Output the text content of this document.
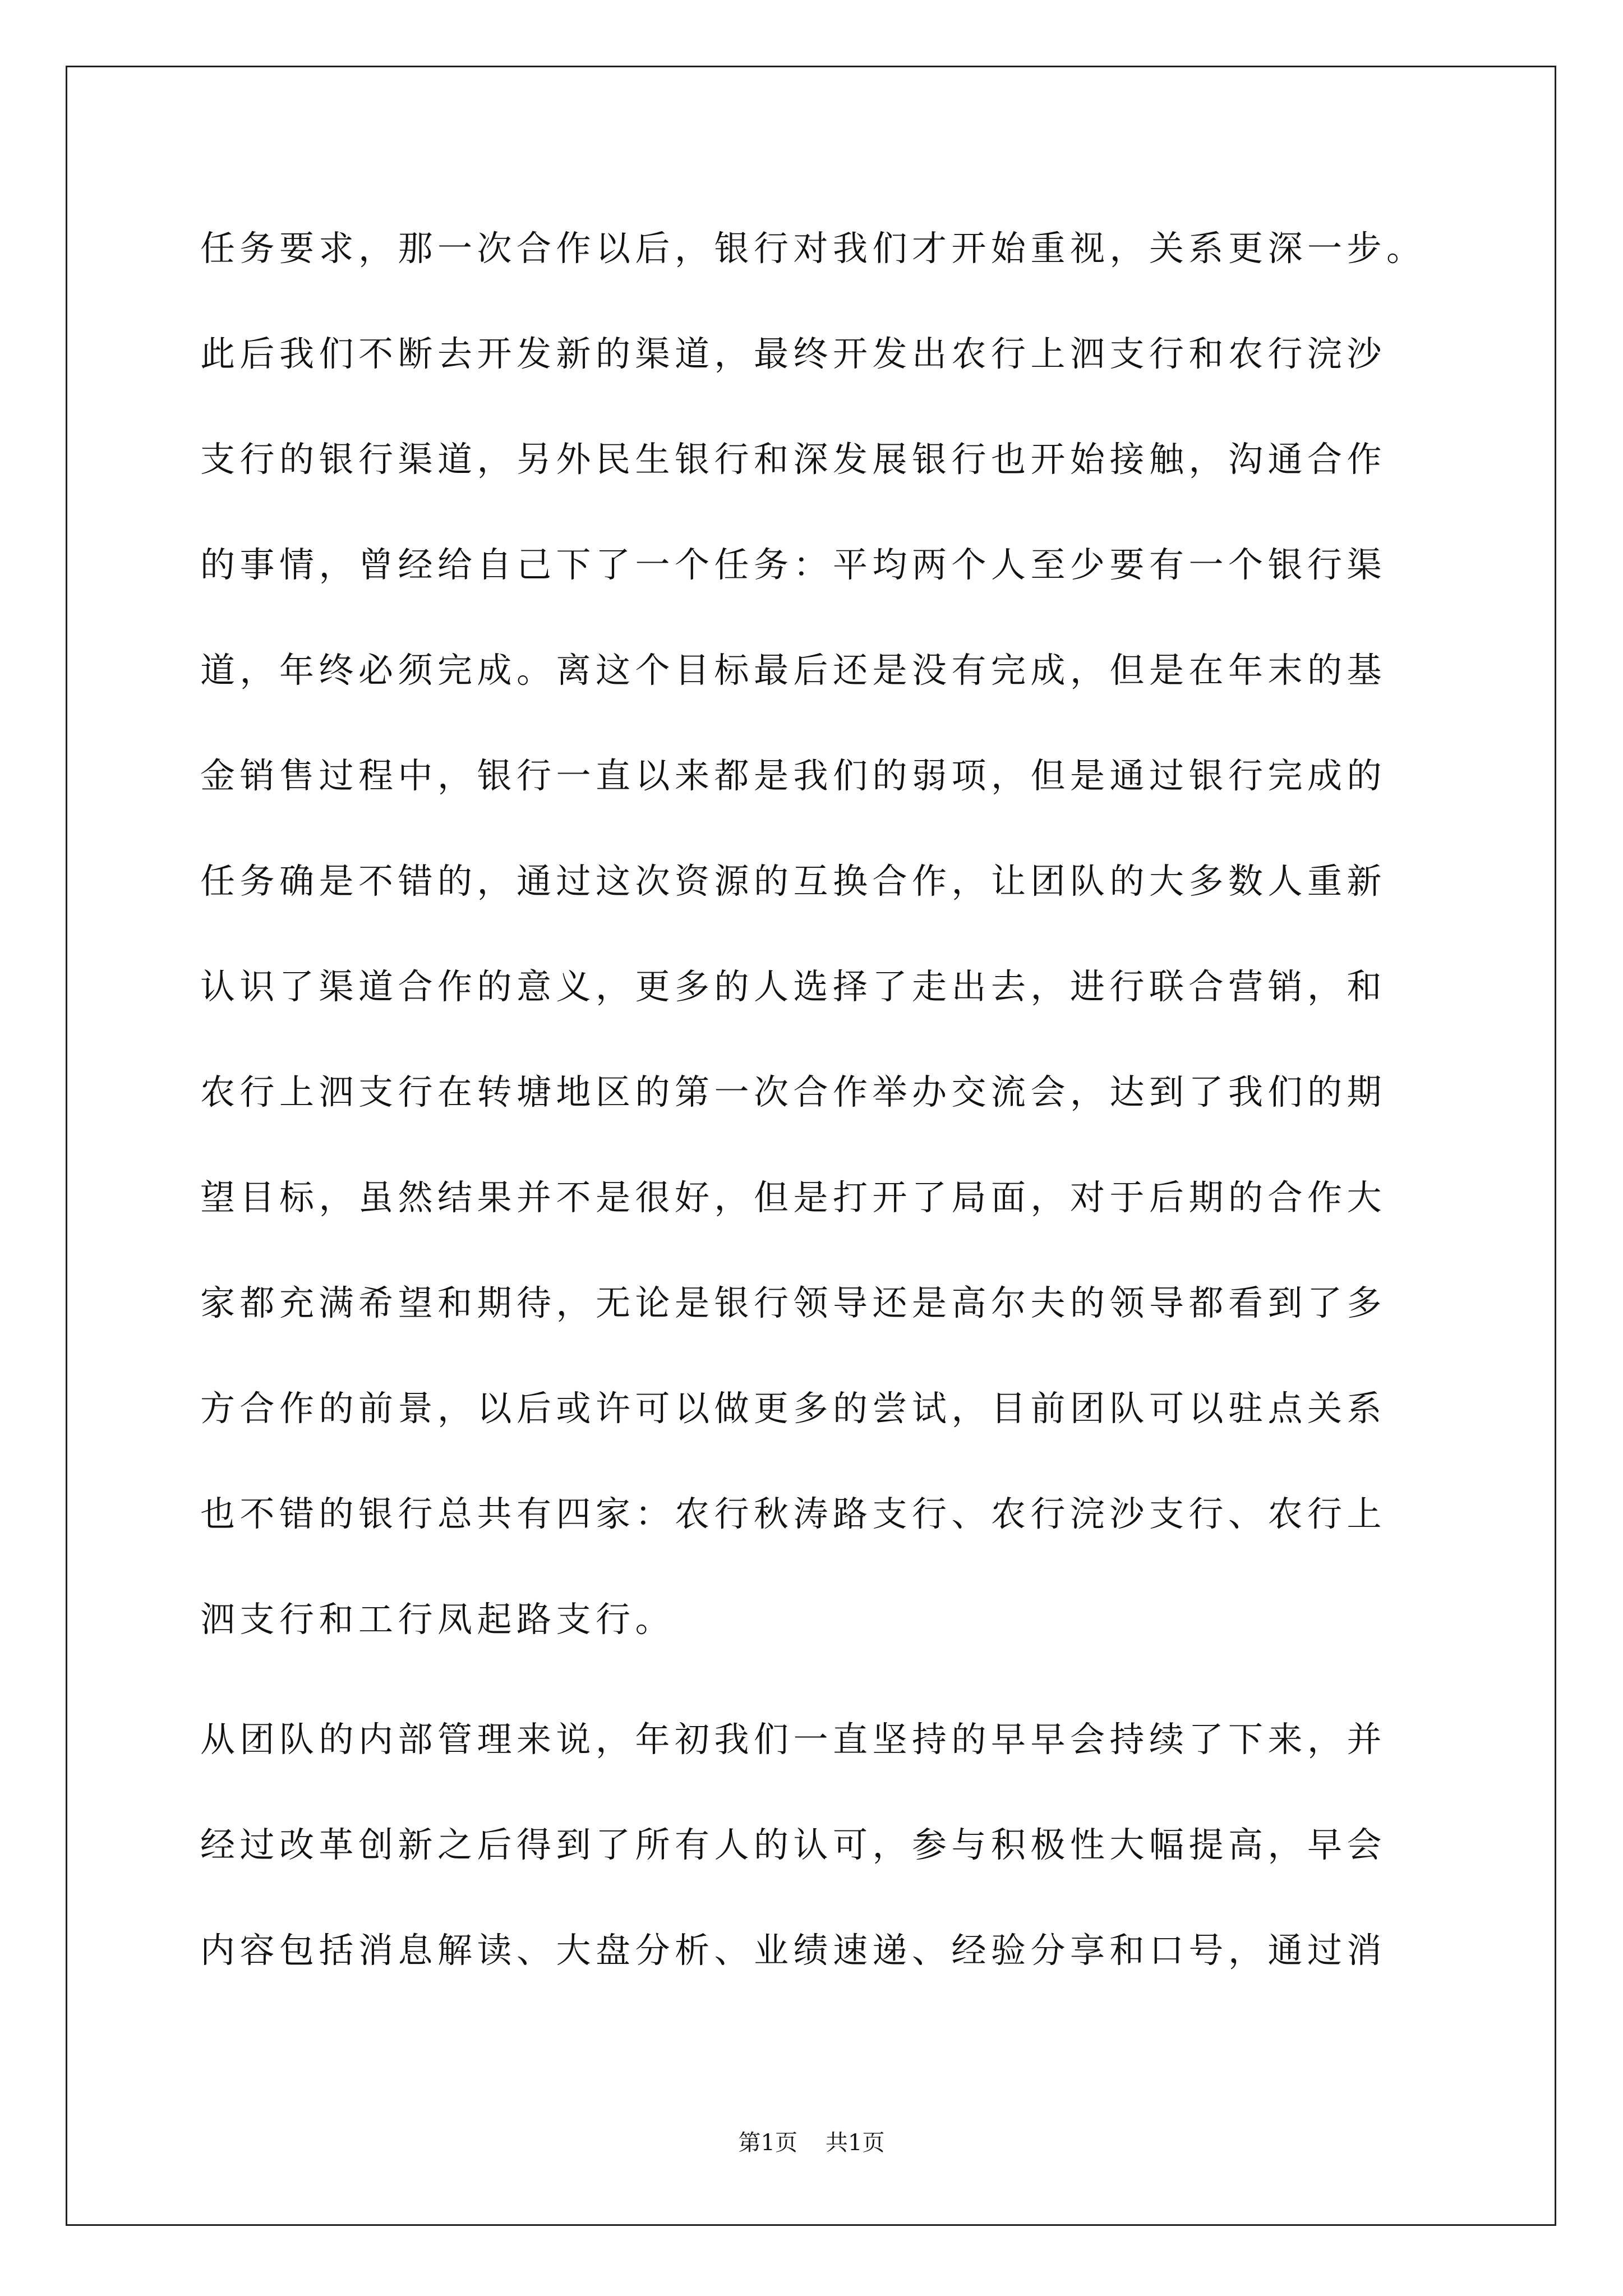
任务要求，那一次合作以后，银行对我们才开始重视，关系更深一步。
此后我们不断去开发新的渠道，最终开发出农行上泗支行和农行浣沙
支行的银行渠道，另外民生银行和深发展银行也开始接触，沟通合作
的事情，曾经给自己下了一个任务：平均两个人至少要有一个银行渠
道，年终必须完成。离这个目标最后还是没有完成，但是在年末的基
金销售过程中，银行一直以来都是我们的弱项，但是通过银行完成的
任务确是不错的，通过这次资源的互换合作，让团队的大多数人重新
认识了渠道合作的意义，更多的人选择了走出去，进行联合营销，和
农行上泗支行在转塘地区的第一次合作举办交流会，达到了我们的期
望目标，虽然结果并不是很好，但是打开了局面，对于后期的合作大
家都充满希望和期待，无论是银行领导还是高尔夫的领导都看到了多
方合作的前景，以后或许可以做更多的尝试，目前团队可以驻点关系
也不错的银行总共有四家：农行秋涛路支行、农行浣沙支行、农行上
泗支行和工行凤起路支行。
从团队的内部管理来说，年初我们一直坚持的早早会持续了下来，并
经过改革创新之后得到了所有人的认可，参与积极性大幅提高，早会
内容包括消息解读、大盘分析、业绩速递、经验分享和口号，通过消
第1页 共1页
